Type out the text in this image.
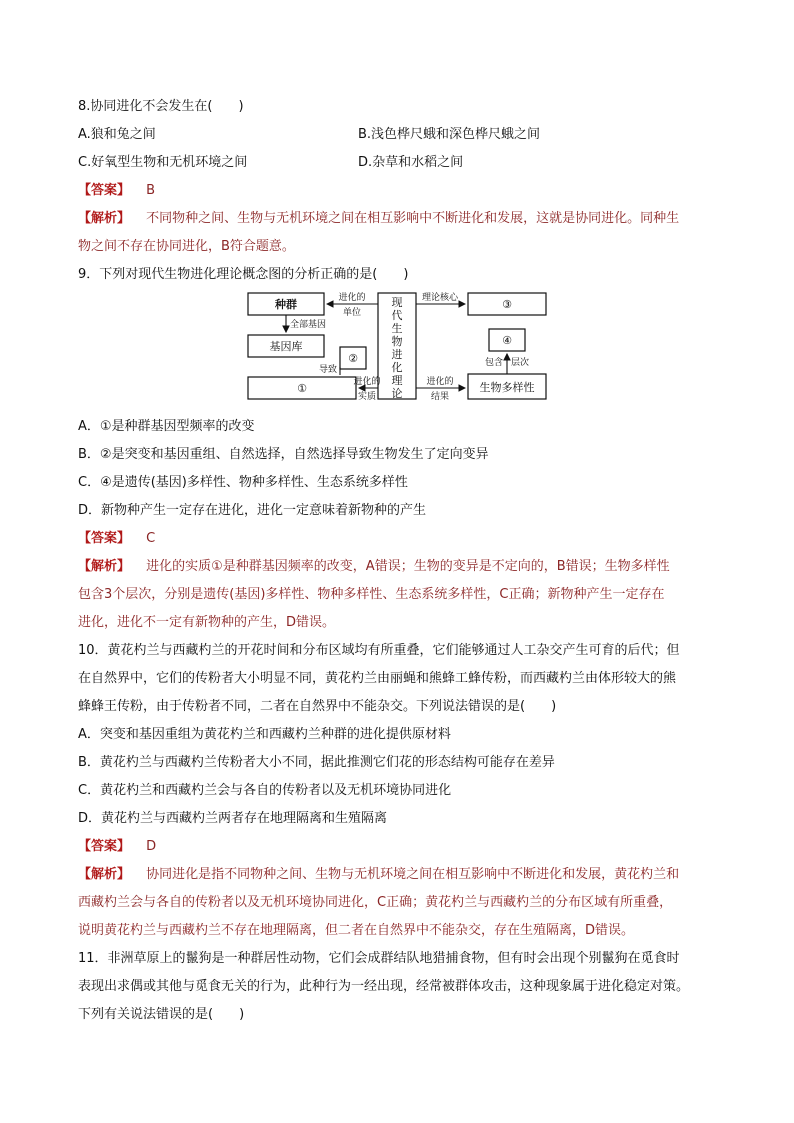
8.协同进化不会发生在(　　)
A.狼和兔之间	B.浅色桦尺蛾和深色桦尺蛾之间
C.好氧型生物和无机环境之间	D.杂草和水稻之间
【答案】 B
【解析】 不同物种之间、生物与无机环境之间在相互影响中不断进化和发展，这就是协同进化。同种生
物之间不存在协同进化，B符合题意。
9．下列对现代生物进化理论概念图的分析正确的是(　　)
种群
基因库
①
②
③
④
生物多样性
现
代
生
物
进
化
理
论
进化的
单位
全部基因
导致
进化的
实质
理论核心
包含 层次
进化的
结果
A．①是种群基因型频率的改变
B．②是突变和基因重组、自然选择，自然选择导致生物发生了定向变异
C．④是遗传(基因)多样性、物种多样性、生态系统多样性
D．新物种产生一定存在进化，进化一定意味着新物种的产生
【答案】 C
【解析】 进化的实质①是种群基因频率的改变，A错误；生物的变异是不定向的，B错误；生物多样性
包含3个层次，分别是遗传(基因)多样性、物种多样性、生态系统多样性，C正确；新物种产生一定存在
进化，进化不一定有新物种的产生，D错误。
10．黄花杓兰与西藏杓兰的开花时间和分布区域均有所重叠，它们能够通过人工杂交产生可育的后代；但
在自然界中，它们的传粉者大小明显不同，黄花杓兰由丽蝇和熊蜂工蜂传粉，而西藏杓兰由体形较大的熊
蜂蜂王传粉，由于传粉者不同，二者在自然界中不能杂交。下列说法错误的是(　　)
A．突变和基因重组为黄花杓兰和西藏杓兰种群的进化提供原材料
B．黄花杓兰与西藏杓兰传粉者大小不同，据此推测它们花的形态结构可能存在差异
C．黄花杓兰和西藏杓兰会与各自的传粉者以及无机环境协同进化
D．黄花杓兰与西藏杓兰两者存在地理隔离和生殖隔离
【答案】 D
【解析】 协同进化是指不同物种之间、生物与无机环境之间在相互影响中不断进化和发展，黄花杓兰和
西藏杓兰会与各自的传粉者以及无机环境协同进化，C正确；黄花杓兰与西藏杓兰的分布区域有所重叠，
说明黄花杓兰与西藏杓兰不存在地理隔离，但二者在自然界中不能杂交，存在生殖隔离，D错误。
11．非洲草原上的鬣狗是一种群居性动物，它们会成群结队地猎捕食物，但有时会出现个别鬣狗在觅食时
表现出求偶或其他与觅食无关的行为，此种行为一经出现，经常被群体攻击，这种现象属于进化稳定对策。
下列有关说法错误的是(　　)
